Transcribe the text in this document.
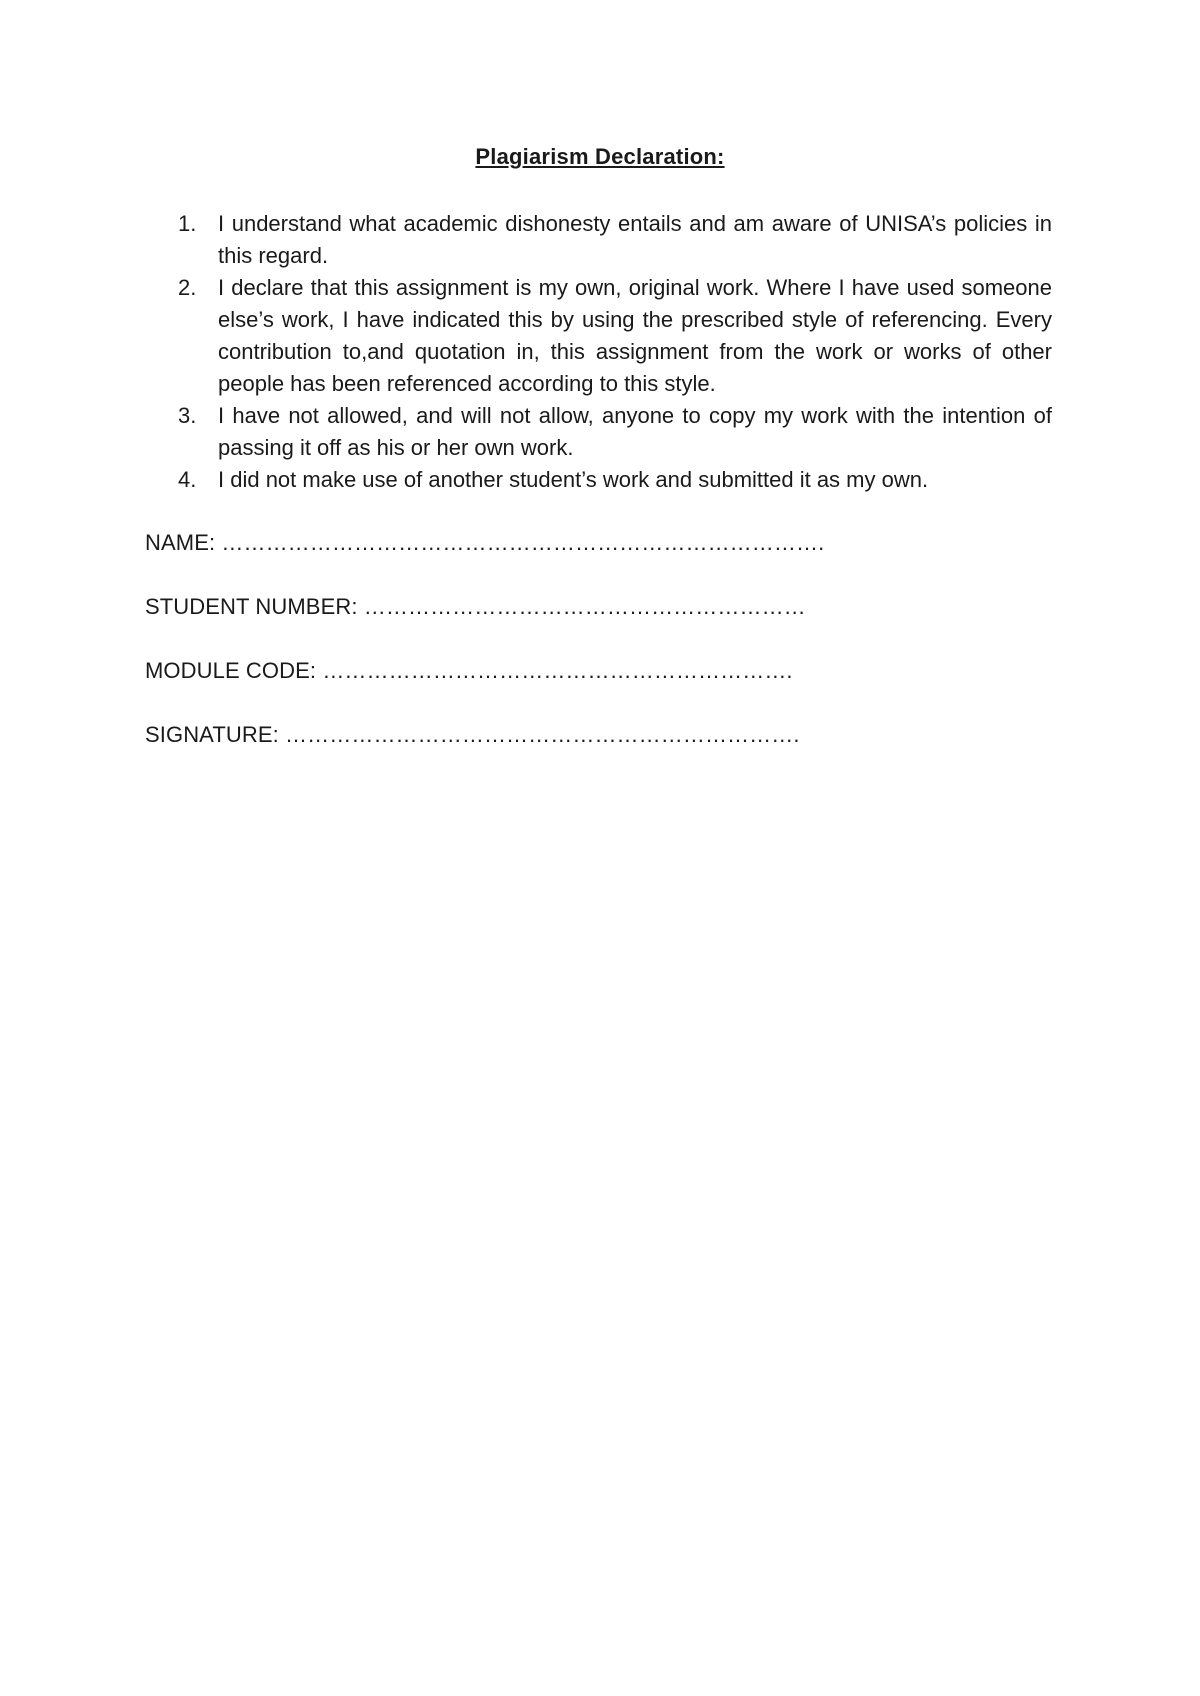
Plagiarism Declaration:
1. I understand what academic dishonesty entails and am aware of UNISA’s policies in this regard.
2. I declare that this assignment is my own, original work. Where I have used someone else’s work, I have indicated this by using the prescribed style of referencing. Every contribution to,and quotation in, this assignment from the work or works of other people has been referenced according to this style.
3. I have not allowed, and will not allow, anyone to copy my work with the intention of passing it off as his or her own work.
4. I did not make use of another student’s work and submitted it as my own.
NAME: ……………………………………………………………………….
STUDENT NUMBER: ……………………………………………………
MODULE CODE: ……………………………………………………….
SIGNATURE: …………………………………………………………….
